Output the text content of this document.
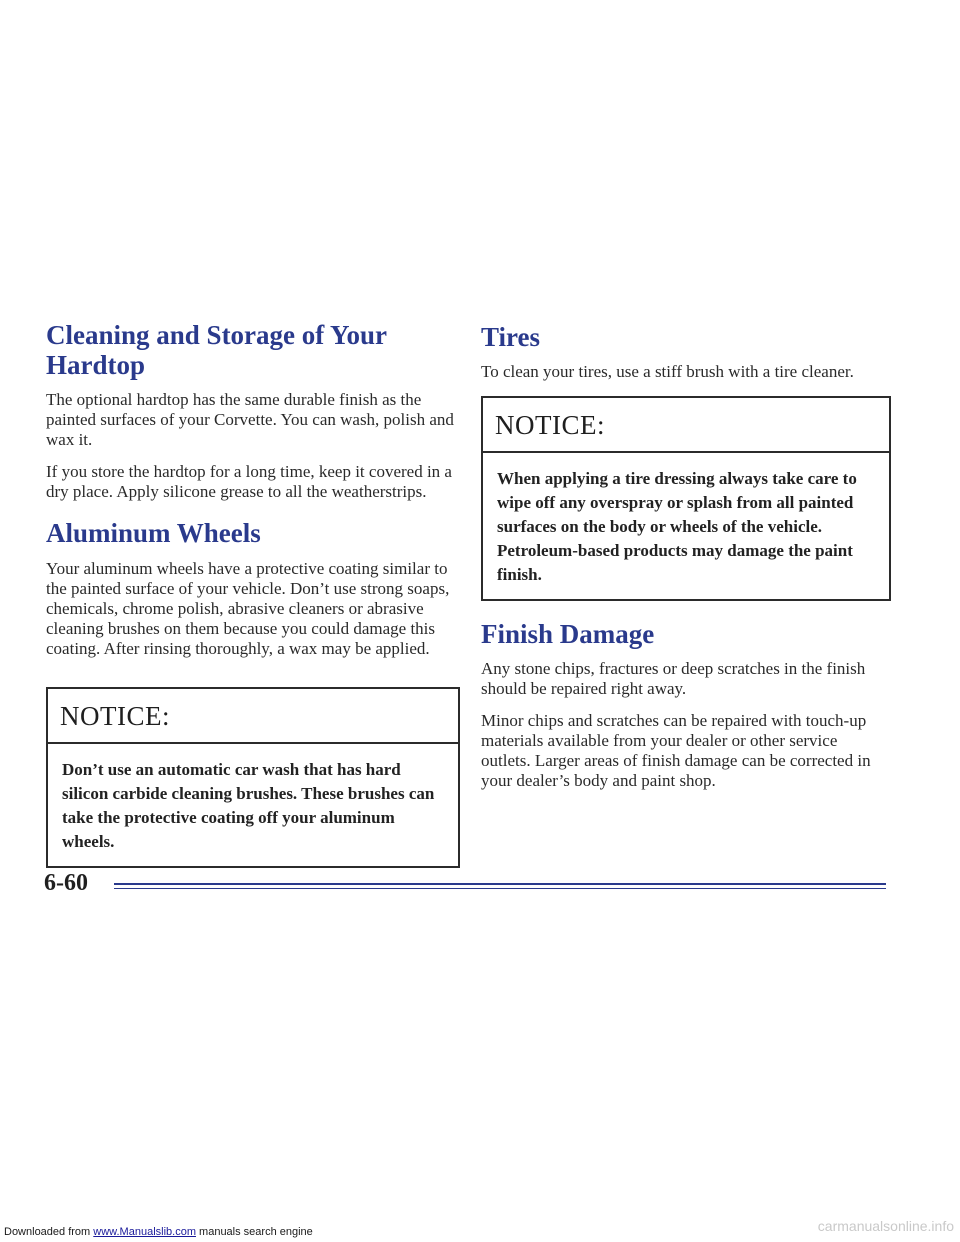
Cleaning and Storage of Your Hardtop

The optional hardtop has the same durable finish as the painted surfaces of your Corvette. You can wash, polish and wax it.

If you store the hardtop for a long time, keep it covered in a dry place. Apply silicone grease to all the weatherstrips.

Aluminum Wheels

Your aluminum wheels have a protective coating similar to the painted surface of your vehicle. Don’t use strong soaps, chemicals, chrome polish, abrasive cleaners or abrasive cleaning brushes on them because you could damage this coating. After rinsing thoroughly, a wax may be applied.

NOTICE:
Don’t use an automatic car wash that has hard silicon carbide cleaning brushes. These brushes can take the protective coating off your aluminum wheels.
Tires

To clean your tires, use a stiff brush with a tire cleaner.

NOTICE:
When applying a tire dressing always take care to wipe off any overspray or splash from all painted surfaces on the body or wheels of the vehicle. Petroleum-based products may damage the paint finish.
Finish Damage

Any stone chips, fractures or deep scratches in the finish should be repaired right away.

Minor chips and scratches can be repaired with touch-up materials available from your dealer or other service outlets. Larger areas of finish damage can be corrected in your dealer’s body and paint shop.

6-60
Downloaded from www.Manualslib.com manuals search engine	carmanualsonline.info
